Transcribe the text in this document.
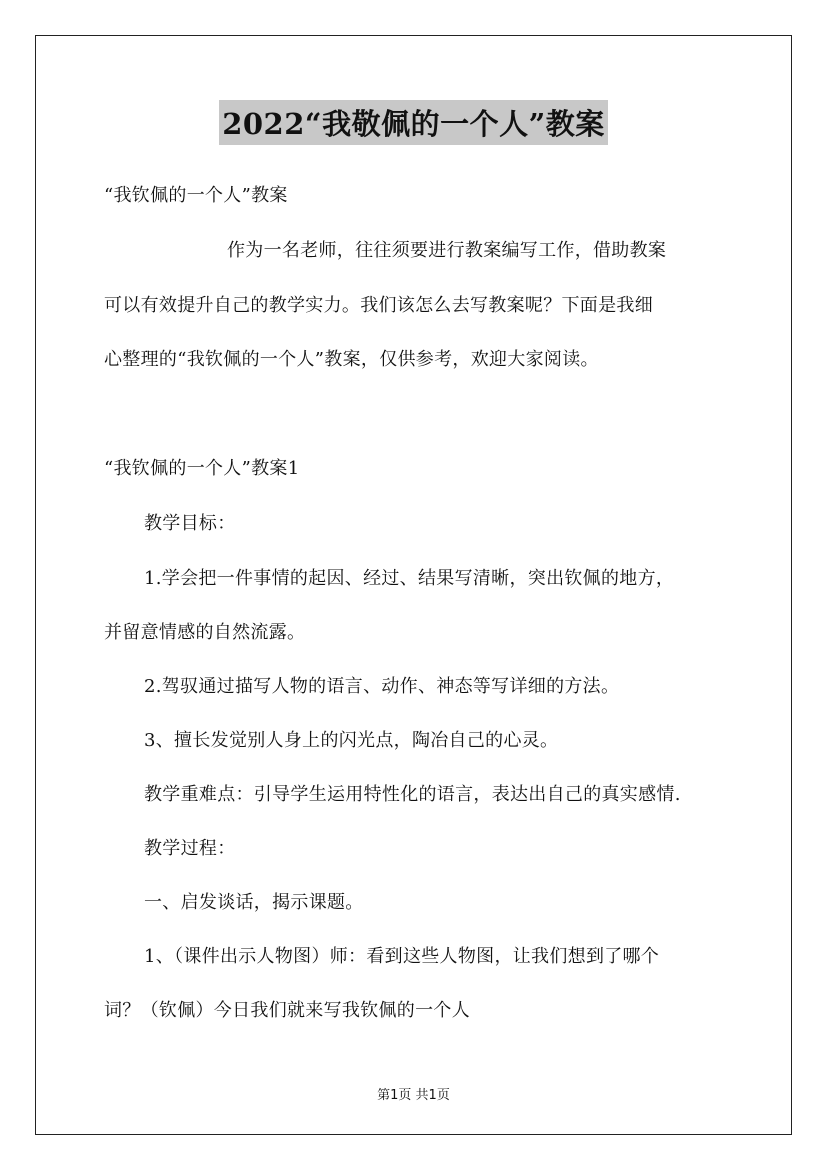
2022“我敬佩的一个人”教案
“我钦佩的一个人”教案
作为一名老师，往往须要进行教案编写工作，借助教案
可以有效提升自己的教学实力。我们该怎么去写教案呢？下面是我细
心整理的“我钦佩的一个人”教案，仅供参考，欢迎大家阅读。
“我钦佩的一个人”教案1
教学目标：
1.学会把一件事情的起因、经过、结果写清晰，突出钦佩的地方，
并留意情感的自然流露。
2.驾驭通过描写人物的语言、动作、神态等写详细的方法。
3、擅长发觉别人身上的闪光点，陶冶自己的心灵。
教学重难点：引导学生运用特性化的语言，表达出自己的真实感情.
教学过程：
一、启发谈话，揭示课题。
1、（课件出示人物图）师：看到这些人物图，让我们想到了哪个
词？（钦佩）今日我们就来写我钦佩的一个人
第1页 共1页
